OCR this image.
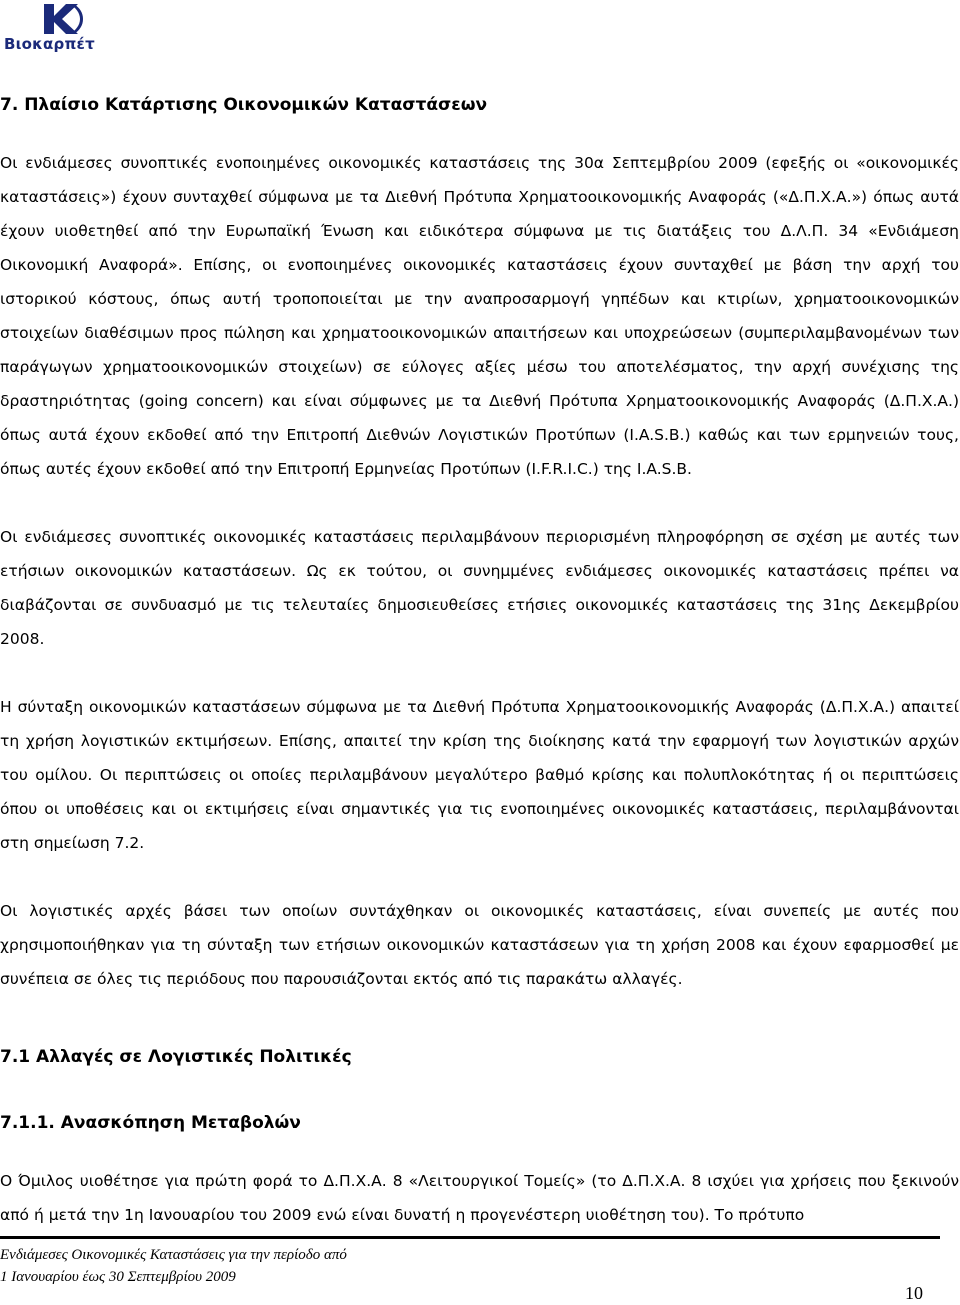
Βιοκαρπέτ
7. Πλαίσιο Κατάρτισης Οικονομικών Καταστάσεων

Οι ενδιάμεσες συνοπτικές ενοποιημένες οικονομικές καταστάσεις της 30α Σεπτεμβρίου 2009 (εφεξής οι «οικονομικές καταστάσεις») έχουν συνταχθεί σύμφωνα με τα Διεθνή Πρότυπα Χρηματοοικονομικής Αναφοράς («Δ.Π.Χ.Α.») όπως αυτά έχουν υιοθετηθεί από την Ευρωπαϊκή Ένωση και ειδικότερα σύμφωνα με τις διατάξεις του Δ.Λ.Π. 34 «Ενδιάμεση Οικονομική Αναφορά». Επίσης, οι ενοποιημένες οικονομικές καταστάσεις έχουν συνταχθεί με βάση την αρχή του ιστορικού κόστους, όπως αυτή τροποποιείται με την αναπροσαρμογή γηπέδων και κτιρίων, χρηματοοικονομικών στοιχείων διαθέσιμων προς πώληση και χρηματοοικονομικών απαιτήσεων και υποχρεώσεων (συμπεριλαμβανομένων των παράγωγων χρηματοοικονομικών στοιχείων) σε εύλογες αξίες μέσω του αποτελέσματος, την αρχή συνέχισης της δραστηριότητας (going concern) και είναι σύμφωνες με τα Διεθνή Πρότυπα Χρηματοοικονομικής Αναφοράς (Δ.Π.Χ.Α.) όπως αυτά έχουν εκδοθεί από την Επιτροπή Διεθνών Λογιστικών Προτύπων (I.A.S.B.) καθώς και των ερμηνειών τους, όπως αυτές έχουν εκδοθεί από την Επιτροπή Ερμηνείας Προτύπων (I.F.R.I.C.) της I.A.S.B.

Οι ενδιάμεσες συνοπτικές οικονομικές καταστάσεις περιλαμβάνουν περιορισμένη πληροφόρηση σε σχέση με αυτές των ετήσιων οικονομικών καταστάσεων. Ως εκ τούτου, οι συνημμένες ενδιάμεσες οικονομικές καταστάσεις πρέπει να διαβάζονται σε συνδυασμό με τις τελευταίες δημοσιευθείσες ετήσιες οικονομικές καταστάσεις της 31ης Δεκεμβρίου 2008.

Η σύνταξη οικονομικών καταστάσεων σύμφωνα με τα Διεθνή Πρότυπα Χρηματοοικονομικής Αναφοράς (Δ.Π.Χ.Α.) απαιτεί τη χρήση λογιστικών εκτιμήσεων. Επίσης, απαιτεί την κρίση της διοίκησης κατά την εφαρμογή των λογιστικών αρχών του ομίλου. Οι περιπτώσεις οι οποίες περιλαμβάνουν μεγαλύτερο βαθμό κρίσης και πολυπλοκότητας ή οι περιπτώσεις όπου οι υποθέσεις και οι εκτιμήσεις είναι σημαντικές για τις ενοποιημένες οικονομικές καταστάσεις, περιλαμβάνονται στη σημείωση 7.2.

Οι λογιστικές αρχές βάσει των οποίων συντάχθηκαν οι οικονομικές καταστάσεις, είναι συνεπείς με αυτές που χρησιμοποιήθηκαν για τη σύνταξη των ετήσιων οικονομικών καταστάσεων για τη χρήση 2008 και έχουν εφαρμοσθεί με συνέπεια σε όλες τις περιόδους που παρουσιάζονται εκτός από τις παρακάτω αλλαγές.

7.1 Αλλαγές σε Λογιστικές Πολιτικές
7.1.1. Ανασκόπηση Μεταβολών

Ο Όμιλος υιοθέτησε για πρώτη φορά το Δ.Π.Χ.Α. 8 «Λειτουργικοί Τομείς» (το Δ.Π.Χ.Α. 8 ισχύει για χρήσεις που ξεκινούν από ή μετά την 1η Ιανουαρίου του 2009 ενώ είναι δυνατή η προγενέστερη υιοθέτηση του). Το πρότυπο

Ενδιάμεσες Οικονομικές Καταστάσεις για την περίοδο από
1 Ιανουαρίου έως 30 Σεπτεμβρίου 2009
10
